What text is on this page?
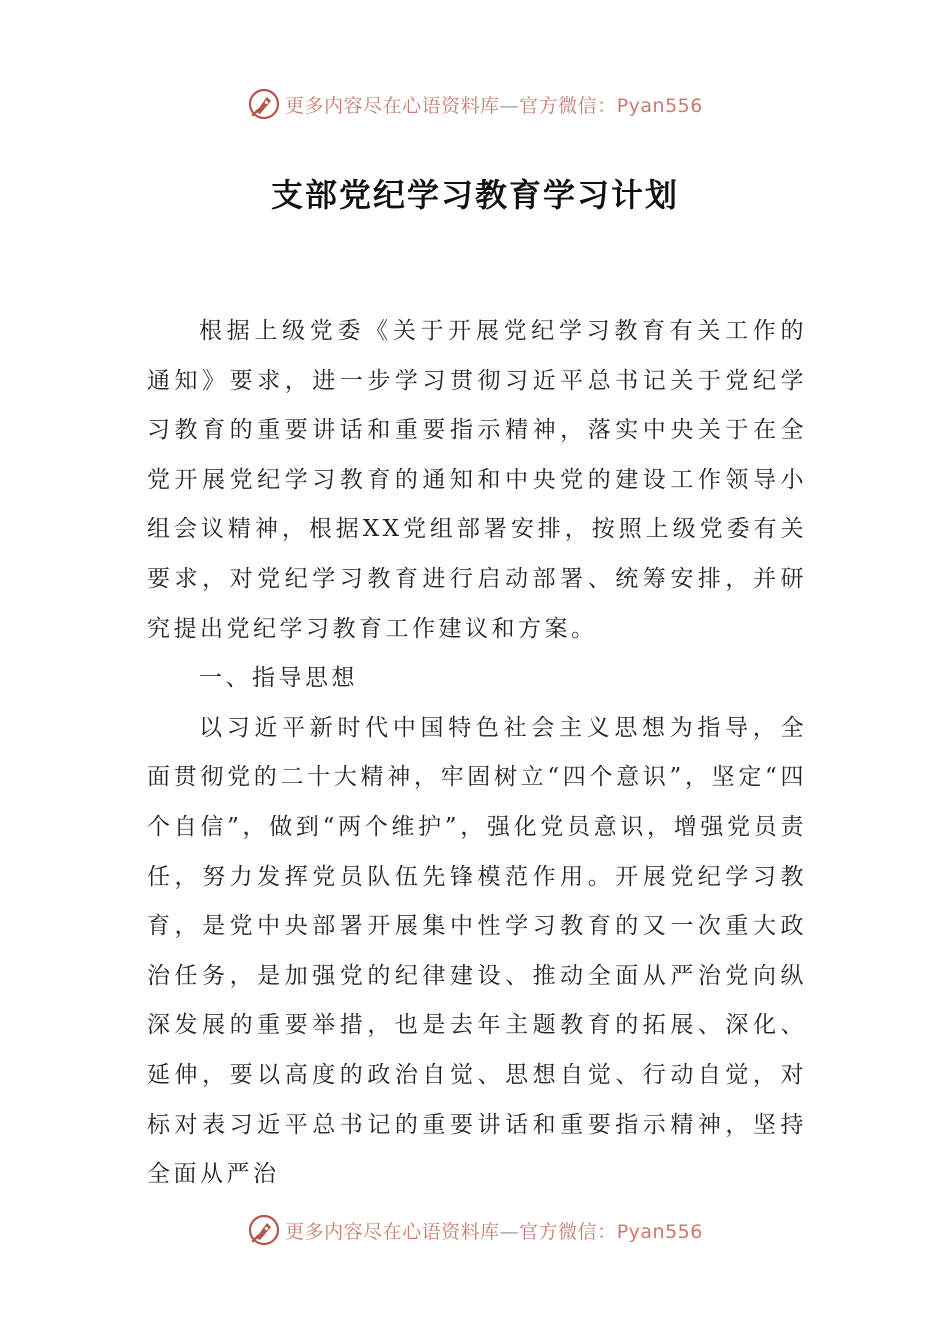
更多内容尽在心语资料库—官方微信：Pyan556
支部党纪学习教育学习计划

根据上级党委《关于开展党纪学习教育有关工作的通知》要求，进一步学习贯彻习近平总书记关于党纪学习教育的重要讲话和重要指示精神，落实中央关于在全党开展党纪学习教育的通知和中央党的建设工作领导小组会议精神，根据XX党组部署安排，按照上级党委有关要求，对党纪学习教育进行启动部署、统筹安排，并研究提出党纪学习教育工作建议和方案。

一、指导思想

以习近平新时代中国特色社会主义思想为指导，全面贯彻党的二十大精神，牢固树立“四个意识”，坚定“四个自信”，做到“两个维护”，强化党员意识，增强党员责任，努力发挥党员队伍先锋模范作用。开展党纪学习教育，是党中央部署开展集中性学习教育的又一次重大政治任务，是加强党的纪律建设、推动全面从严治党向纵深发展的重要举措，也是去年主题教育的拓展、深化、延伸，要以高度的政治自觉、思想自觉、行动自觉，对标对表习近平总书记的重要讲话和重要指示精神，坚持全面从严治

更多内容尽在心语资料库—官方微信：Pyan556
